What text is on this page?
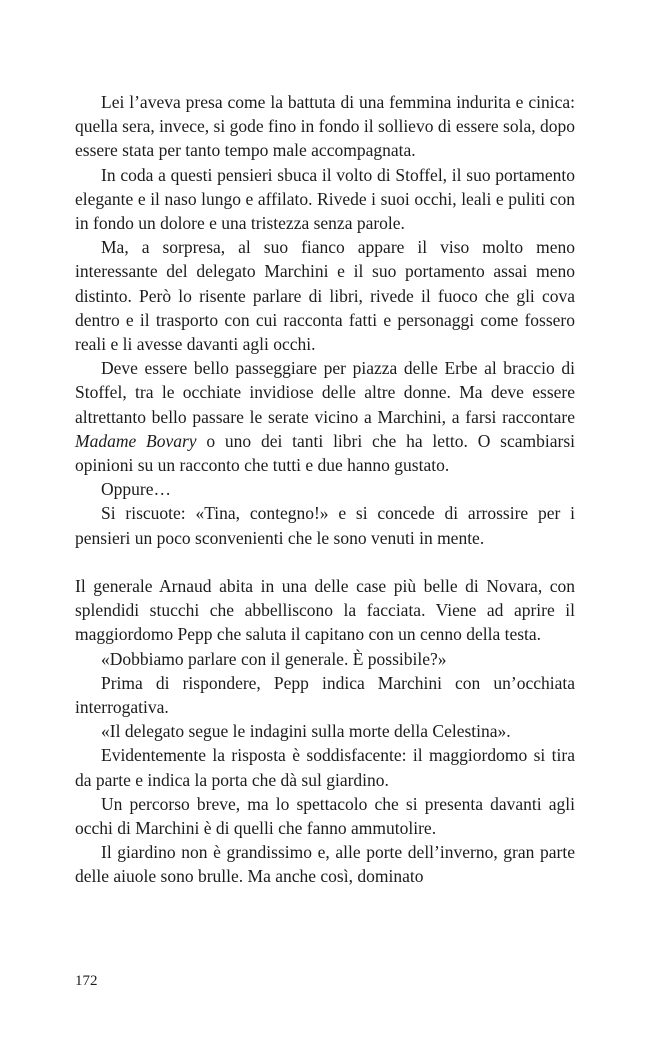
Lei l’aveva presa come la battuta di una femmina indurita e cinica: quella sera, invece, si gode fino in fondo il sollievo di essere sola, dopo essere stata per tanto tempo male accompagnata.

In coda a questi pensieri sbuca il volto di Stoffel, il suo portamento elegante e il naso lungo e affilato. Rivede i suoi occhi, leali e puliti con in fondo un dolore e una tristezza senza parole.

Ma, a sorpresa, al suo fianco appare il viso molto meno interessante del delegato Marchini e il suo portamento assai meno distinto. Però lo risente parlare di libri, rivede il fuoco che gli cova dentro e il trasporto con cui racconta fatti e personaggi come fossero reali e li avesse davanti agli occhi.

Deve essere bello passeggiare per piazza delle Erbe al braccio di Stoffel, tra le occhiate invidiose delle altre donne. Ma deve essere altrettanto bello passare le serate vicino a Marchini, a farsi raccontare Madame Bovary o uno dei tanti libri che ha letto. O scambiarsi opinioni su un racconto che tutti e due hanno gustato.

Oppure…

Si riscuote: «Tina, contegno!» e si concede di arrossire per i pensieri un poco sconvenienti che le sono venuti in mente.

Il generale Arnaud abita in una delle case più belle di Novara, con splendidi stucchi che abbelliscono la facciata. Viene ad aprire il maggiordomo Pepp che saluta il capitano con un cenno della testa.

«Dobbiamo parlare con il generale. È possibile?»

Prima di rispondere, Pepp indica Marchini con un’occhiata interrogativa.

«Il delegato segue le indagini sulla morte della Celestina».

Evidentemente la risposta è soddisfacente: il maggiordomo si tira da parte e indica la porta che dà sul giardino.

Un percorso breve, ma lo spettacolo che si presenta davanti agli occhi di Marchini è di quelli che fanno ammutolire.

Il giardino non è grandissimo e, alle porte dell’inverno, gran parte delle aiuole sono brulle. Ma anche così, dominato

172
